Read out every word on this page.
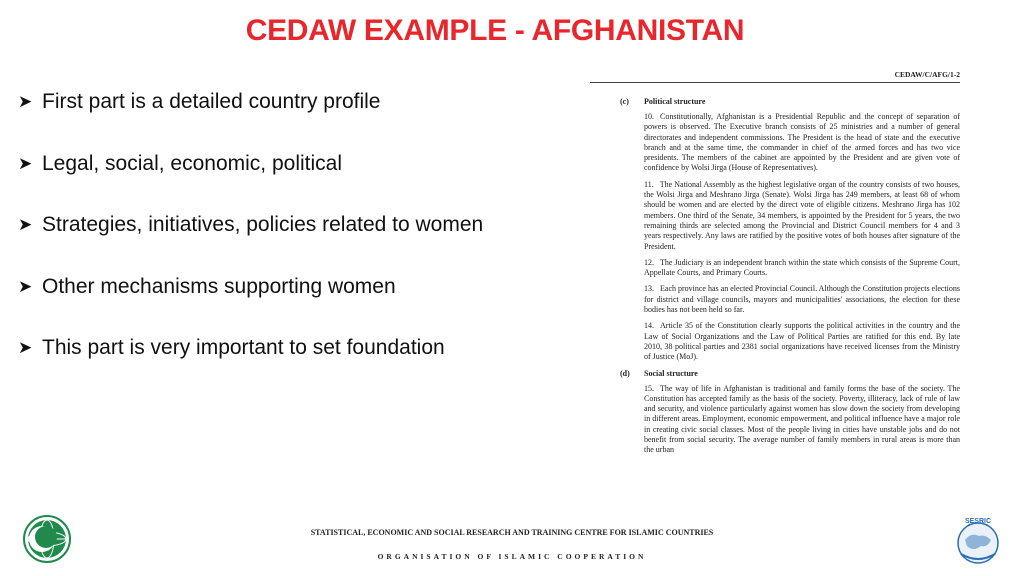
CEDAW EXAMPLE - AFGHANISTAN
➤ First part is a detailed country profile
➤ Legal, social, economic, political
➤ Strategies, initiatives, policies related to women
➤ Other mechanisms supporting women
➤ This part is very important to set foundation
CEDAW/C/AFG/1-2
(c)	Political structure

10. Constitutionally, Afghanistan is a Presidential Republic and the concept of separation of powers is observed. The Executive branch consists of 25 ministries and a number of general directorates and independent commissions. The President is the head of state and the executive branch and at the same time, the commander in chief of the armed forces and has two vice presidents. The members of the cabinet are appointed by the President and are given vote of confidence by Wolsi Jirga (House of Representatives).

11. The National Assembly as the highest legislative organ of the country consists of two houses, the Wolsi Jirga and Meshrano Jirga (Senate). Wolsi Jirga has 249 members, at least 68 of whom should be women and are elected by the direct vote of eligible citizens. Meshrano Jirga has 102 members. One third of the Senate, 34 members, is appointed by the President for 5 years, the two remaining thirds are selected among the Provincial and District Council members for 4 and 3 years respectively. Any laws are ratified by the positive votes of both houses after signature of the President.

12. The Judiciary is an independent branch within the state which consists of the Supreme Court, Appellate Courts, and Primary Courts.

13. Each province has an elected Provincial Council. Although the Constitution projects elections for district and village councils, mayors and municipalities' associations, the election for these bodies has not been held so far.

14. Article 35 of the Constitution clearly supports the political activities in the country and the Law of Social Organizations and the Law of Political Parties are ratified for this end. By late 2010, 38 political parties and 2381 social organizations have received licenses from the Ministry of Justice (MoJ).

(d)	Social structure

15. The way of life in Afghanistan is traditional and family forms the base of the society. The Constitution has accepted family as the basis of the society. Poverty, illiteracy, lack of rule of law and security, and violence particularly against women has slow down the society from developing in different areas. Employment, economic empowerment, and political influence have a major role in creating civic social classes. Most of the people living in cities have unstable jobs and do not benefit from social security. The average number of family members in rural areas is more than the urban

SESRIC
STATISTICAL, ECONOMIC AND SOCIAL RESEARCH AND TRAINING CENTRE FOR ISLAMIC COUNTRIES
ORGANISATION OF ISLAMIC COOPERATION
